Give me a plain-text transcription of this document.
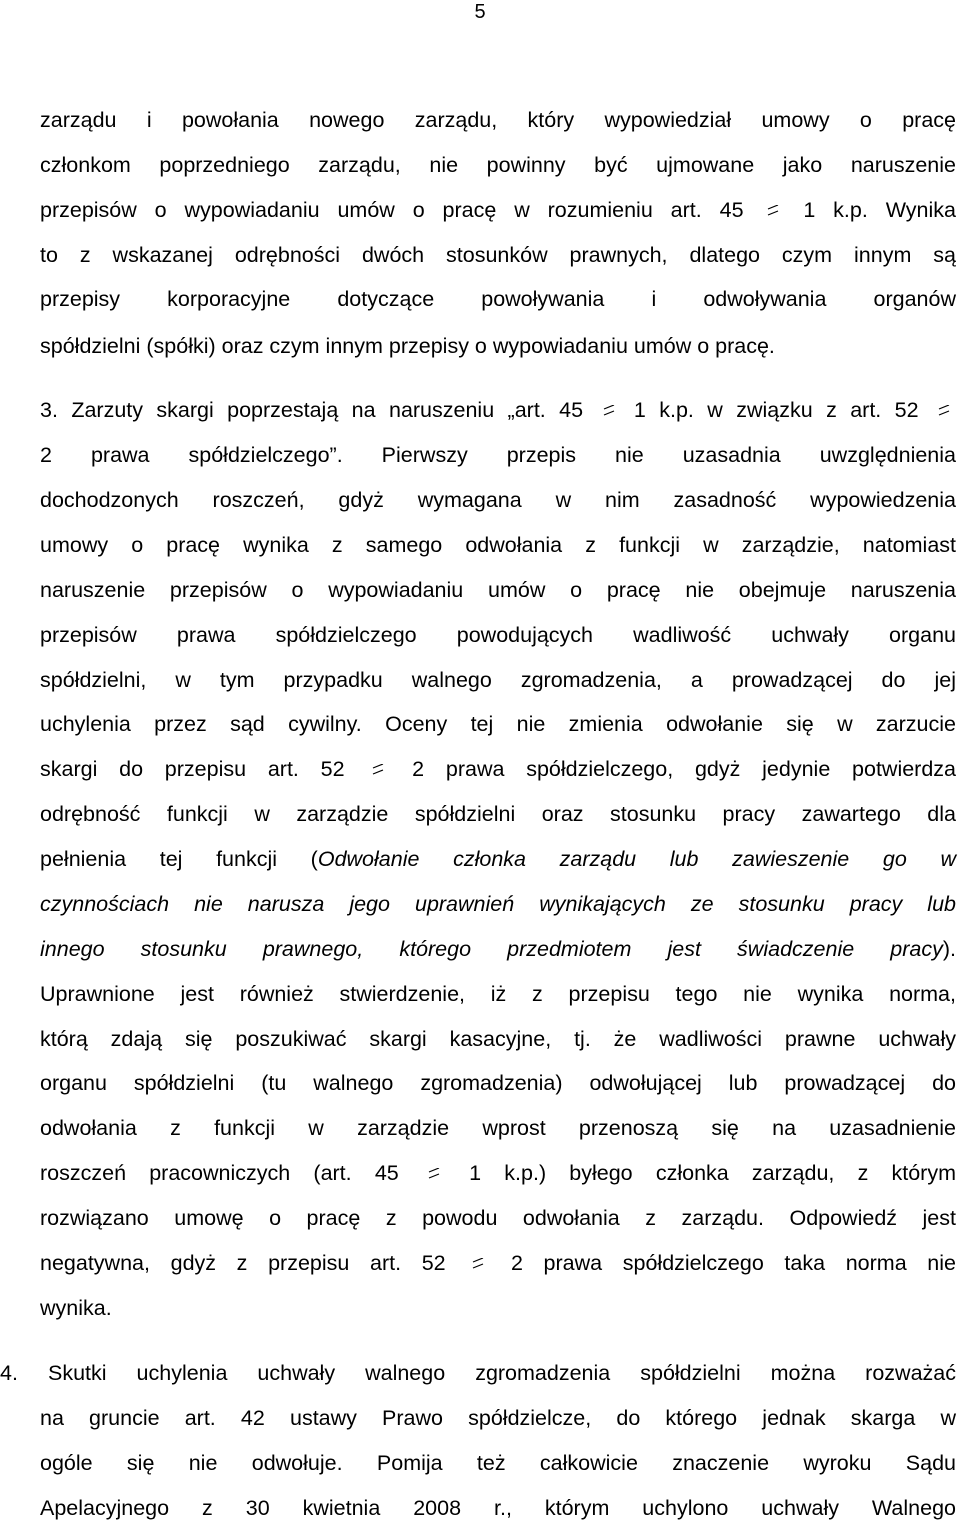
5
zarządu i powołania nowego zarządu, który wypowiedział umowy o pracę
członkom poprzedniego zarządu, nie powinny być ujmowane jako naruszenie
przepisów o wypowiadaniu umów o pracę w rozumieniu art. 45	1 k.p. Wynika
to z wskazanej odrębności dwóch stosunków prawnych, dlatego czym innym są
przepisy korporacyjne dotyczące powoływania i odwoływania organów
spółdzielni (spółki) oraz czym innym przepisy o wypowiadaniu umów o pracę.
3. Zarzuty skargi poprzestają na naruszeniu „art. 45 1 k.p. w związku z art. 52
2 prawa spółdzielczego”. Pierwszy przepis nie uzasadnia uwzględnienia
dochodzonych roszczeń, gdyż wymagana w nim zasadność wypowiedzenia
umowy o pracę wynika z samego odwołania z funkcji w zarządzie, natomiast
naruszenie przepisów o wypowiadaniu umów o pracę nie obejmuje naruszenia
przepisów prawa spółdzielczego powodujących wadliwość uchwały organu
spółdzielni, w tym przypadku walnego zgromadzenia, a prowadzącej do jej
uchylenia przez sąd cywilny. Oceny tej nie zmienia odwołanie się w zarzucie
skargi do przepisu art. 52	2 prawa spółdzielczego, gdyż jedynie potwierdza
odrębność funkcji w zarządzie spółdzielni oraz stosunku pracy zawartego dla
pełnienia tej funkcji (Odwołanie członka zarządu lub zawieszenie go w
czynnościach nie narusza jego uprawnień wynikających ze stosunku pracy lub
innego stosunku prawnego, którego przedmiotem jest świadczenie pracy).
Uprawnione jest również stwierdzenie, iż z przepisu tego nie wynika norma,
którą zdają się poszukiwać skargi kasacyjne, tj. że wadliwości prawne uchwały
organu spółdzielni (tu walnego zgromadzenia) odwołującej lub prowadzącej do
odwołania z funkcji w zarządzie wprost przenoszą się na uzasadnienie
roszczeń pracowniczych (art. 45	1 k.p.) byłego członka zarządu, z którym
rozwiązano umowę o pracę z powodu odwołania z zarządu. Odpowiedź jest
negatywna, gdyż z przepisu art. 52	2 prawa spółdzielczego taka norma nie
wynika.
4.	Skutki uchylenia uchwały walnego zgromadzenia spółdzielni można rozważać
na gruncie art. 42 ustawy Prawo spółdzielcze, do którego jednak skarga w
ogóle się nie odwołuje. Pomija też całkowicie znaczenie wyroku Sądu
Apelacyjnego z 30 kwietnia 2008 r., którym uchylono uchwały Walnego
